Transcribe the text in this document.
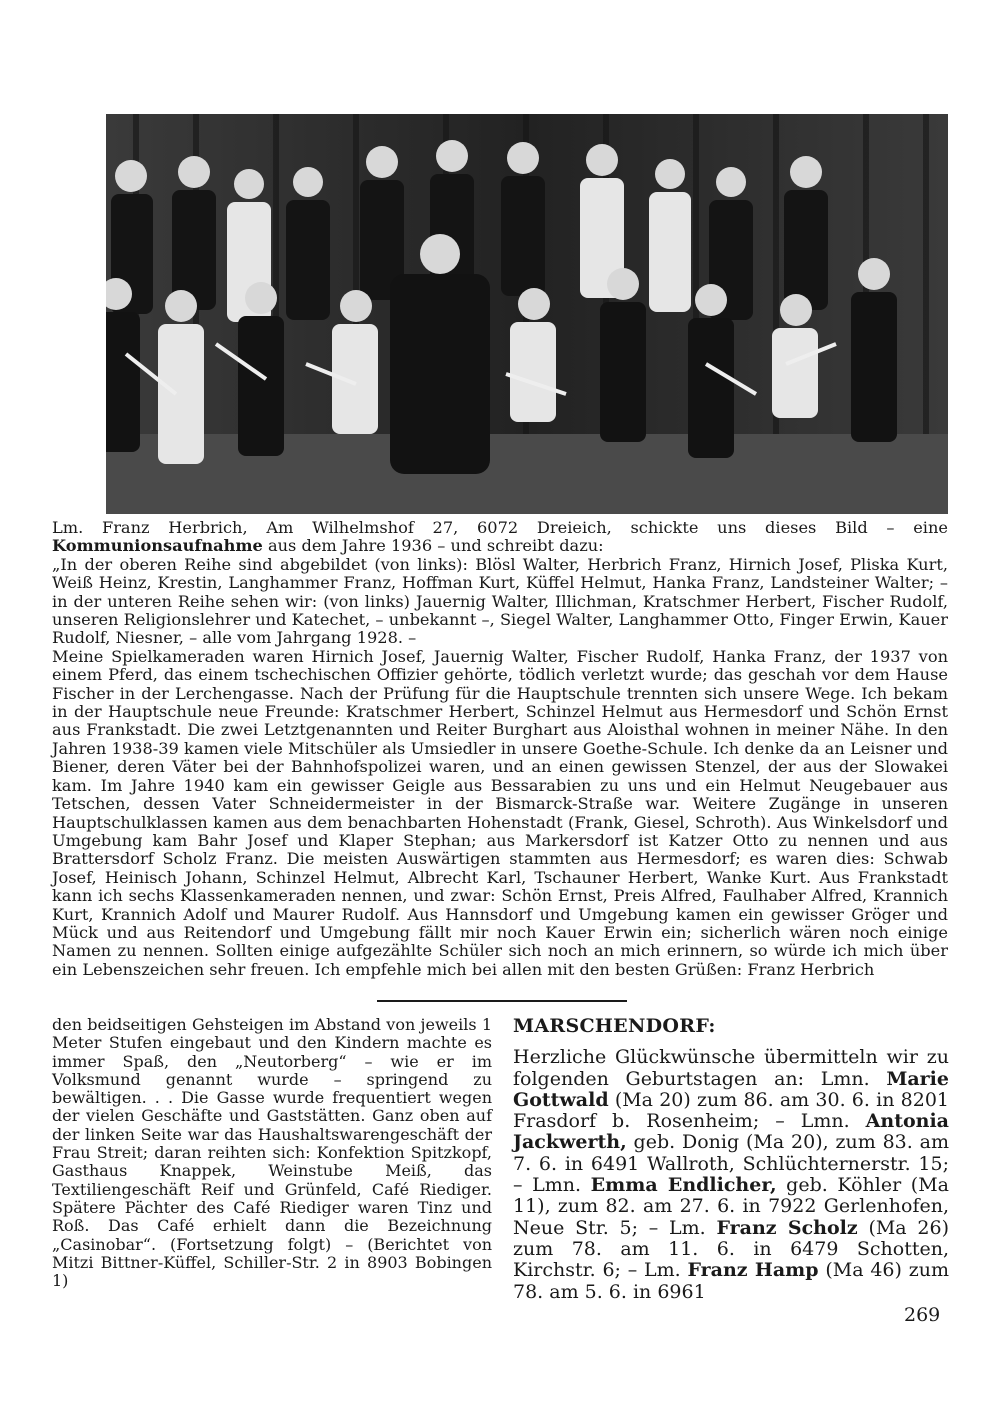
Lm. Franz Herbrich, Am Wilhelmshof 27, 6072 Dreieich, schickte uns dieses Bild – eine Kommunionsaufnahme aus dem Jahre 1936 – und schreibt dazu:

„In der oberen Reihe sind abgebildet (von links): Blösl Walter, Herbrich Franz, Hirnich Josef, Pliska Kurt, Weiß Heinz, Krestin, Langhammer Franz, Hoffman Kurt, Küffel Helmut, Hanka Franz, Landsteiner Walter; – in der unteren Reihe sehen wir: (von links) Jauernig Walter, Illichman, Kratschmer Herbert, Fischer Rudolf, unseren Religionslehrer und Katechet, – unbekannt –, Siegel Walter, Langhammer Otto, Finger Erwin, Kauer Rudolf, Niesner, – alle vom Jahrgang 1928. –

Meine Spielkameraden waren Hirnich Josef, Jauernig Walter, Fischer Rudolf, Hanka Franz, der 1937 von einem Pferd, das einem tschechischen Offizier gehörte, tödlich verletzt wurde; das geschah vor dem Hause Fischer in der Lerchengasse. Nach der Prüfung für die Hauptschule trennten sich unsere Wege. Ich bekam in der Hauptschule neue Freunde: Kratschmer Herbert, Schinzel Helmut aus Hermesdorf und Schön Ernst aus Frankstadt. Die zwei Letztgenannten und Reiter Burghart aus Aloisthal wohnen in meiner Nähe. In den Jahren 1938-39 kamen viele Mitschüler als Umsiedler in unsere Goethe-Schule. Ich denke da an Leisner und Biener, deren Väter bei der Bahnhofspolizei waren, und an einen gewissen Stenzel, der aus der Slowakei kam. Im Jahre 1940 kam ein gewisser Geigle aus Bessarabien zu uns und ein Helmut Neugebauer aus Tetschen, dessen Vater Schneidermeister in der Bismarck-Straße war. Weitere Zugänge in unseren Hauptschulklassen kamen aus dem benachbarten Hohenstadt (Frank, Giesel, Schroth). Aus Winkelsdorf und Umgebung kam Bahr Josef und Klaper Stephan; aus Markersdorf ist Katzer Otto zu nennen und aus Brattersdorf Scholz Franz. Die meisten Auswärtigen stammten aus Hermesdorf; es waren dies: Schwab Josef, Heinisch Johann, Schinzel Helmut, Albrecht Karl, Tschauner Herbert, Wanke Kurt. Aus Frankstadt kann ich sechs Klassenkameraden nennen, und zwar: Schön Ernst, Preis Alfred, Faulhaber Alfred, Krannich Kurt, Krannich Adolf und Maurer Rudolf. Aus Hannsdorf und Umgebung kamen ein gewisser Gröger und Mück und aus Reitendorf und Umgebung fällt mir noch Kauer Erwin ein; sicherlich wären noch einige Namen zu nennen. Sollten einige aufgezählte Schüler sich noch an mich erinnern, so würde ich mich über ein Lebenszeichen sehr freuen. Ich empfehle mich bei allen mit den besten Grüßen: Franz Herbrich

den beidseitigen Gehsteigen im Abstand von jeweils 1 Meter Stufen eingebaut und den Kindern machte es immer Spaß, den „Neutorberg“ – wie er im Volksmund genannt wurde – springend zu bewältigen. . . Die Gasse wurde frequentiert wegen der vielen Geschäfte und Gaststätten. Ganz oben auf der linken Seite war das Haushaltswarengeschäft der Frau Streit; daran reihten sich: Konfektion Spitzkopf, Gasthaus Knappek, Weinstube Meiß, das Textiliengeschäft Reif und Grünfeld, Café Riediger. Spätere Pächter des Café Riediger waren Tinz und Roß. Das Café erhielt dann die Bezeichnung „Casinobar“. (Fortsetzung folgt) – (Berichtet von Mitzi Bittner-Küffel, Schiller-Str. 2 in 8903 Bobingen 1)

MARSCHENDORF:

Herzliche Glückwünsche übermitteln wir zu folgenden Geburtstagen an: Lmn. Marie Gottwald (Ma 20) zum 86. am 30. 6. in 8201 Frasdorf b. Rosenheim; – Lmn. Antonia Jackwerth, geb. Donig (Ma 20), zum 83. am 7. 6. in 6491 Wallroth, Schlüchternerstr. 15; – Lmn. Emma Endlicher, geb. Köhler (Ma 11), zum 82. am 27. 6. in 7922 Gerlenhofen, Neue Str. 5; – Lm. Franz Scholz (Ma 26) zum 78. am 11. 6. in 6479 Schotten, Kirchstr. 6; – Lm. Franz Hamp (Ma 46) zum 78. am 5. 6. in 6961

269
